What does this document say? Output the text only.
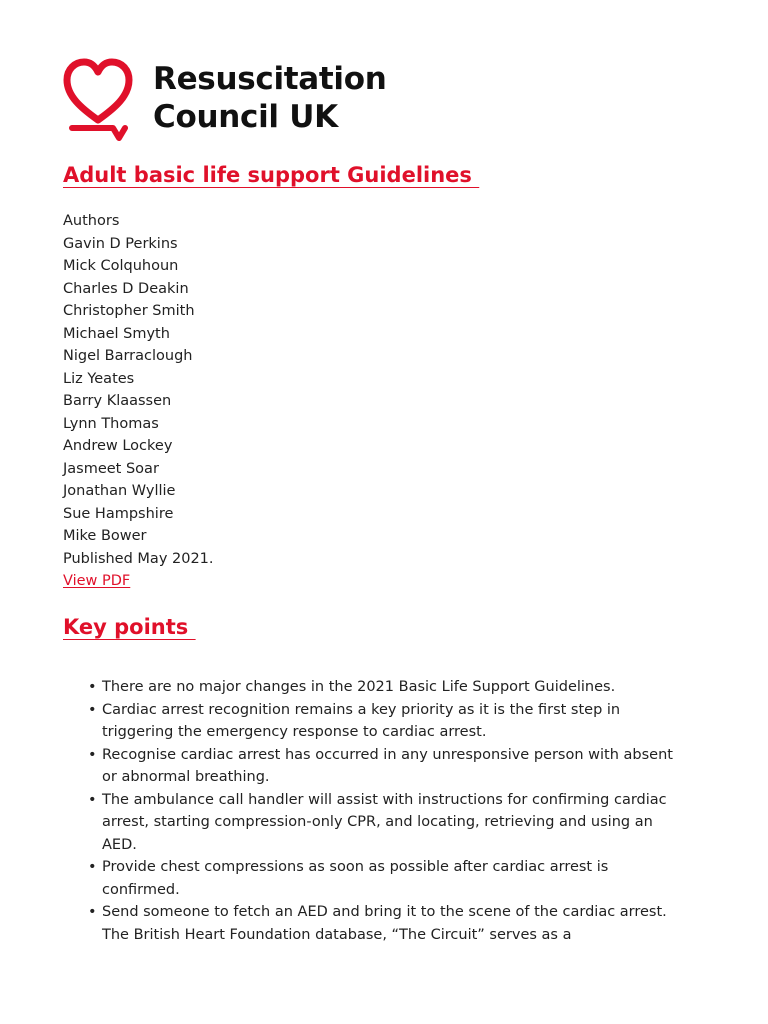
Resuscitation
Council UK
Adult basic life support Guidelines
Authors
Gavin D Perkins
Mick Colquhoun
Charles D Deakin
Christopher Smith
Michael Smyth
Nigel Barraclough
Liz Yeates
Barry Klaassen
Lynn Thomas
Andrew Lockey
Jasmeet Soar
Jonathan Wyllie
Sue Hampshire
Mike Bower
Published May 2021.
View PDF
Key points
• There are no major changes in the 2021 Basic Life Support Guidelines.
• Cardiac arrest recognition remains a key priority as it is the first step in triggering the emergency response to cardiac arrest.
• Recognise cardiac arrest has occurred in any unresponsive person with absent or abnormal breathing.
• The ambulance call handler will assist with instructions for confirming cardiac arrest, starting compression-only CPR, and locating, retrieving and using an AED.
• Provide chest compressions as soon as possible after cardiac arrest is confirmed.
• Send someone to fetch an AED and bring it to the scene of the cardiac arrest. The British Heart Foundation database, “The Circuit” serves as a
